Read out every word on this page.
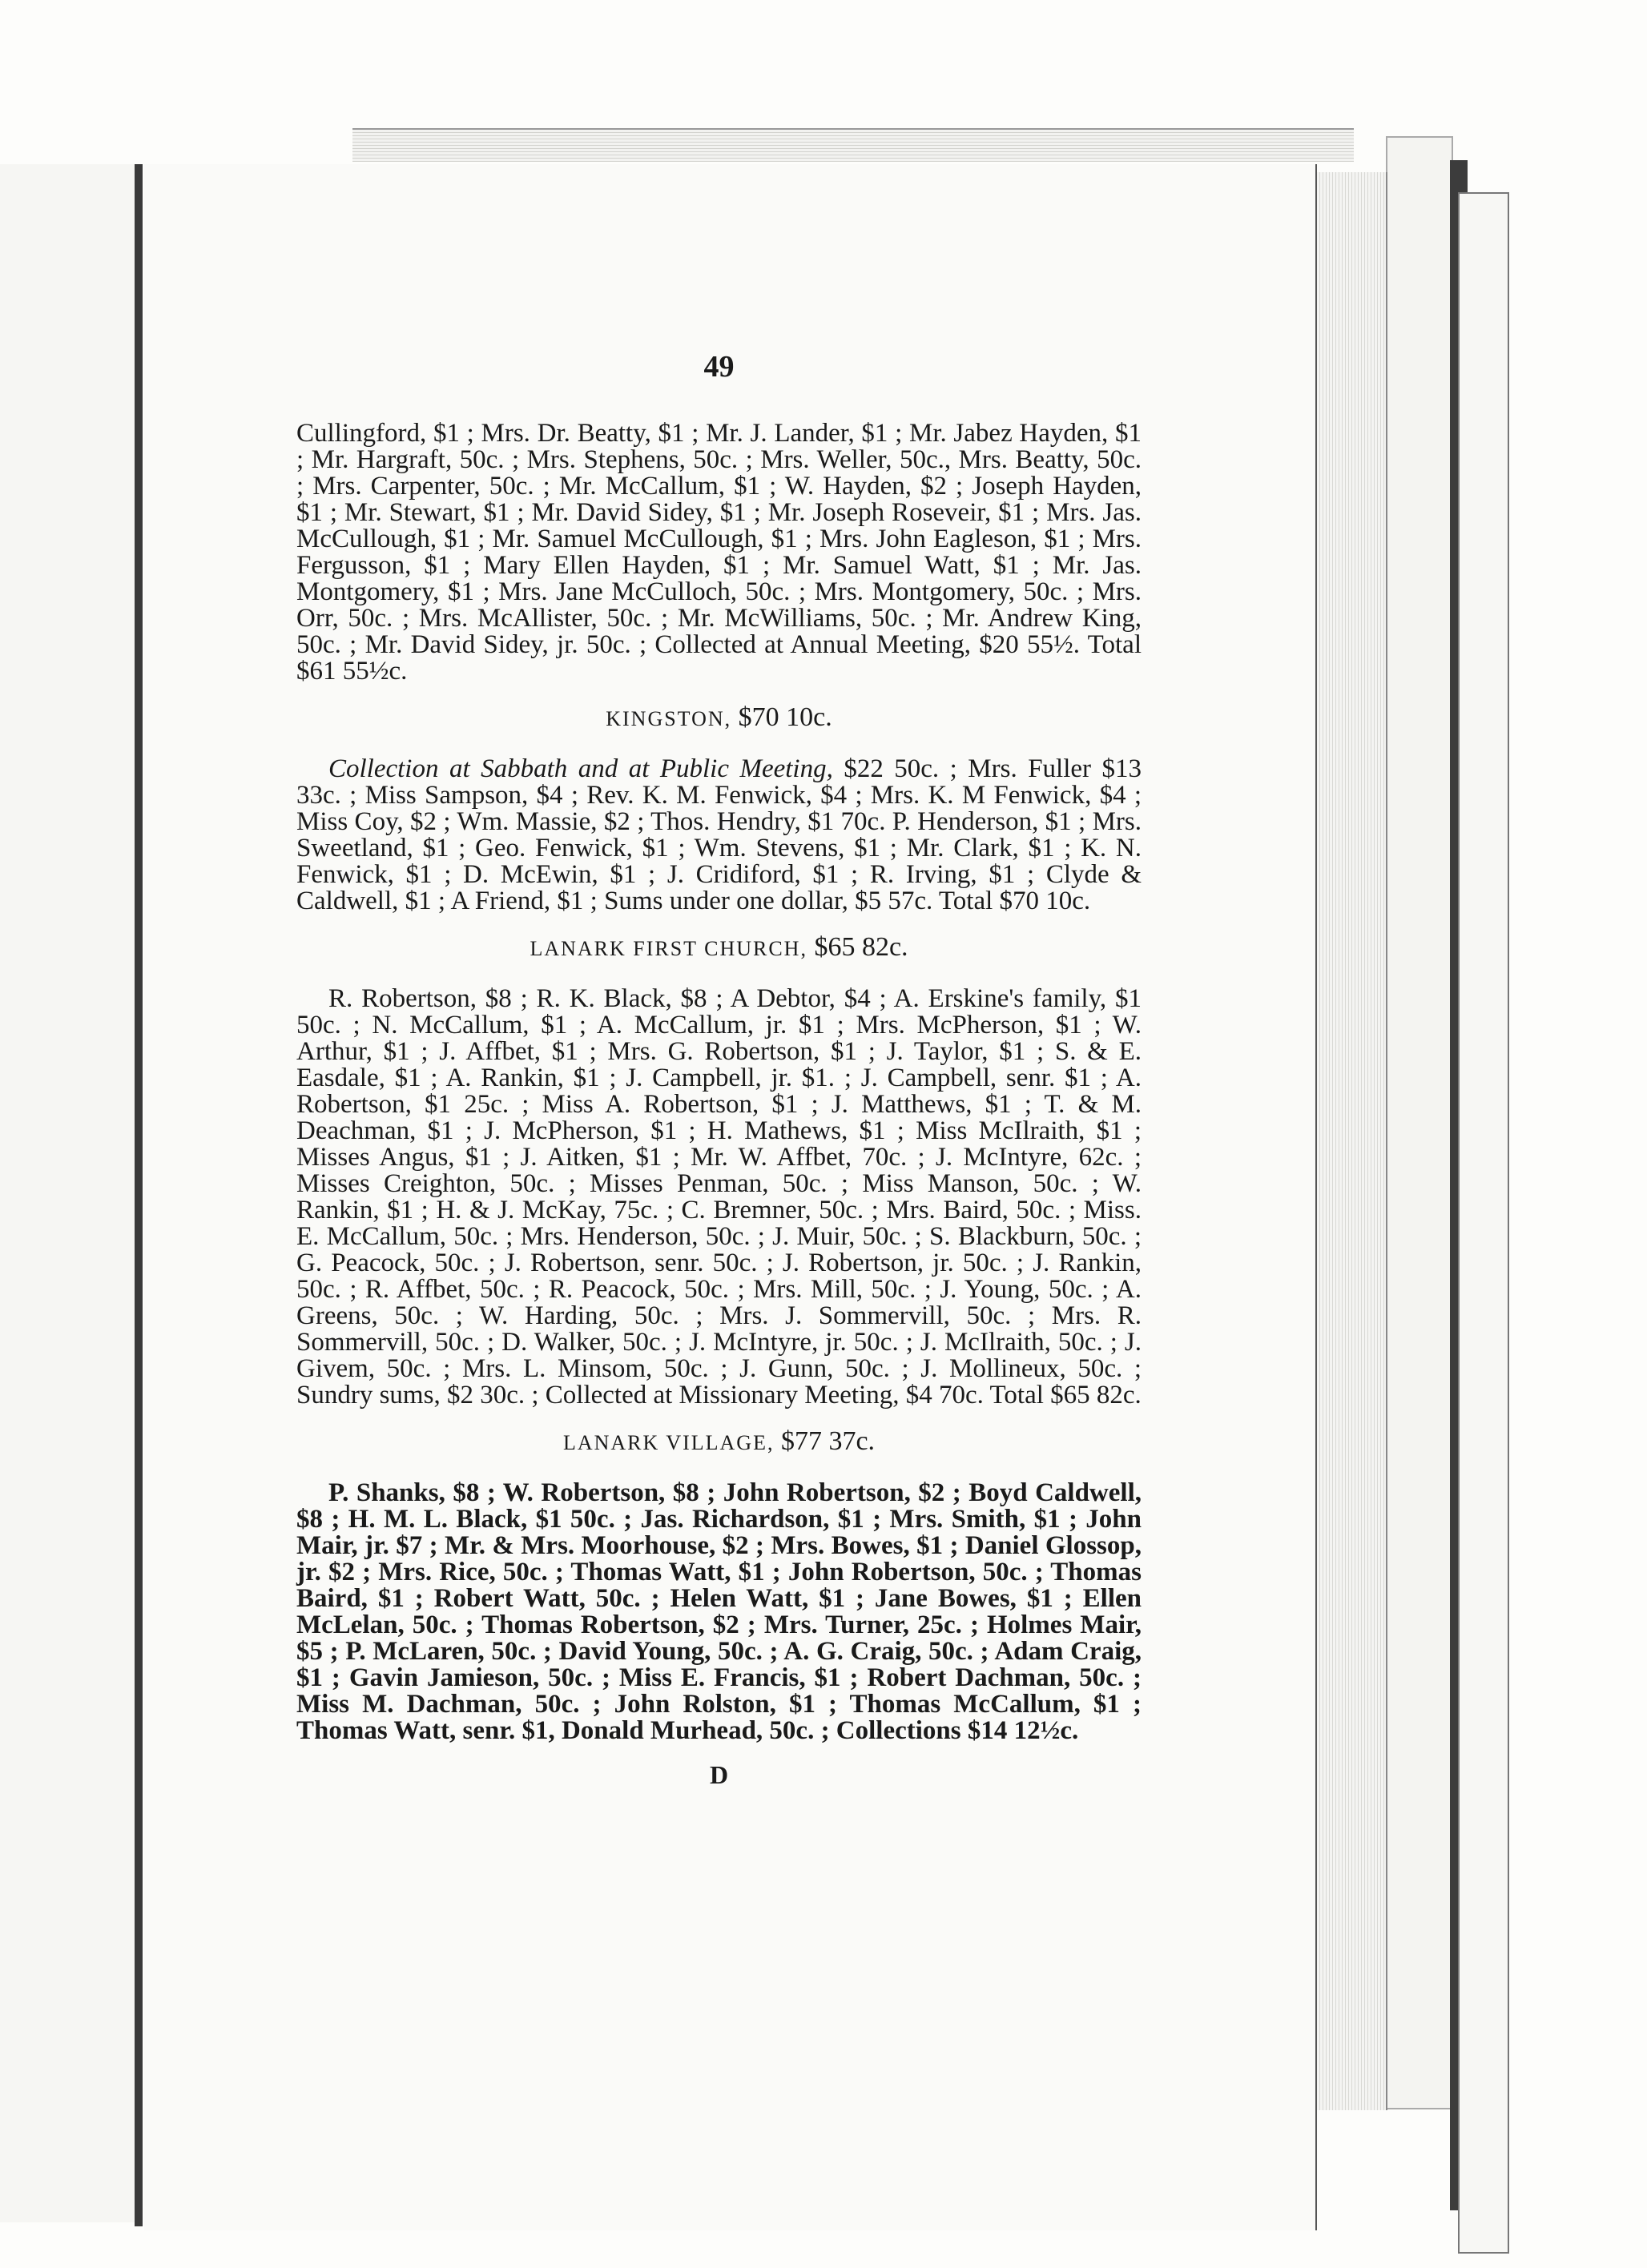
49

Cullingford, $1 ; Mrs. Dr. Beatty, $1 ; Mr. J. Lander, $1 ; Mr. Jabez Hayden, $1 ; Mr. Hargraft, 50c. ; Mrs. Stephens, 50c. ; Mrs. Weller, 50c., Mrs. Beatty, 50c. ; Mrs. Carpenter, 50c. ; Mr. McCallum, $1 ; W. Hayden, $2 ; Joseph Hayden, $1 ; Mr. Stewart, $1 ; Mr. David Sidey, $1 ; Mr. Joseph Roseveir, $1 ; Mrs. Jas. McCullough, $1 ; Mr. Samuel McCullough, $1 ; Mrs. John Eagleson, $1 ; Mrs. Fergusson, $1 ; Mary Ellen Hayden, $1 ; Mr. Samuel Watt, $1 ; Mr. Jas. Montgomery, $1 ; Mrs. Jane McCulloch, 50c. ; Mrs. Montgomery, 50c. ; Mrs. Orr, 50c. ; Mrs. McAllister, 50c. ; Mr. McWilliams, 50c. ; Mr. Andrew King, 50c. ; Mr. David Sidey, jr. 50c. ; Collected at Annual Meeting, $20 55½. Total $61 55½c.

KINGSTON, $70 10c.

Collection at Sabbath and at Public Meeting, $22 50c. ; Mrs. Fuller $13 33c. ; Miss Sampson, $4 ; Rev. K. M. Fenwick, $4 ; Mrs. K. M Fenwick, $4 ; Miss Coy, $2 ; Wm. Massie, $2 ; Thos. Hendry, $1 70c. P. Henderson, $1 ; Mrs. Sweetland, $1 ; Geo. Fenwick, $1 ; Wm. Stevens, $1 ; Mr. Clark, $1 ; K. N. Fenwick, $1 ; D. McEwin, $1 ; J. Cridiford, $1 ; R. Irving, $1 ; Clyde & Caldwell, $1 ; A Friend, $1 ; Sums under one dollar, $5 57c. Total $70 10c.

LANARK FIRST CHURCH, $65 82c.

R. Robertson, $8 ; R. K. Black, $8 ; A Debtor, $4 ; A. Erskine's family, $1 50c. ; N. McCallum, $1 ; A. McCallum, jr. $1 ; Mrs. McPherson, $1 ; W. Arthur, $1 ; J. Affbet, $1 ; Mrs. G. Robertson, $1 ; J. Taylor, $1 ; S. & E. Easdale, $1 ; A. Rankin, $1 ; J. Campbell, jr. $1. ; J. Campbell, senr. $1 ; A. Robertson, $1 25c. ; Miss A. Robertson, $1 ; J. Matthews, $1 ; T. & M. Deachman, $1 ; J. McPherson, $1 ; H. Mathews, $1 ; Miss McIlraith, $1 ; Misses Angus, $1 ; J. Aitken, $1 ; Mr. W. Affbet, 70c. ; J. McIntyre, 62c. ; Misses Creighton, 50c. ; Misses Penman, 50c. ; Miss Manson, 50c. ; W. Rankin, $1 ; H. & J. McKay, 75c. ; C. Bremner, 50c. ; Mrs. Baird, 50c. ; Miss. E. McCallum, 50c. ; Mrs. Henderson, 50c. ; J. Muir, 50c. ; S. Blackburn, 50c. ; G. Peacock, 50c. ; J. Robertson, senr. 50c. ; J. Robertson, jr. 50c. ; J. Rankin, 50c. ; R. Affbet, 50c. ; R. Peacock, 50c. ; Mrs. Mill, 50c. ; J. Young, 50c. ; A. Greens, 50c. ; W. Harding, 50c. ; Mrs. J. Sommervill, 50c. ; Mrs. R. Sommervill, 50c. ; D. Walker, 50c. ; J. McIntyre, jr. 50c. ; J. McIlraith, 50c. ; J. Givem, 50c. ; Mrs. L. Minsom, 50c. ; J. Gunn, 50c. ; J. Mollineux, 50c. ; Sundry sums, $2 30c. ; Collected at Missionary Meeting, $4 70c. Total $65 82c.

LANARK VILLAGE, $77 37c.

P. Shanks, $8 ; W. Robertson, $8 ; John Robertson, $2 ; Boyd Caldwell, $8 ; H. M. L. Black, $1 50c. ; Jas. Richardson, $1 ; Mrs. Smith, $1 ; John Mair, jr. $7 ; Mr. & Mrs. Moorhouse, $2 ; Mrs. Bowes, $1 ; Daniel Glossop, jr. $2 ; Mrs. Rice, 50c. ; Thomas Watt, $1 ; John Robertson, 50c. ; Thomas Baird, $1 ; Robert Watt, 50c. ; Helen Watt, $1 ; Jane Bowes, $1 ; Ellen McLelan, 50c. ; Thomas Robertson, $2 ; Mrs. Turner, 25c. ; Holmes Mair, $5 ; P. McLaren, 50c. ; David Young, 50c. ; A. G. Craig, 50c. ; Adam Craig, $1 ; Gavin Jamieson, 50c. ; Miss E. Francis, $1 ; Robert Dachman, 50c. ; Miss M. Dachman, 50c. ; John Rolston, $1 ; Thomas McCallum, $1 ; Thomas Watt, senr. $1, Donald Murhead, 50c. ; Collections $14 12½c.

D
